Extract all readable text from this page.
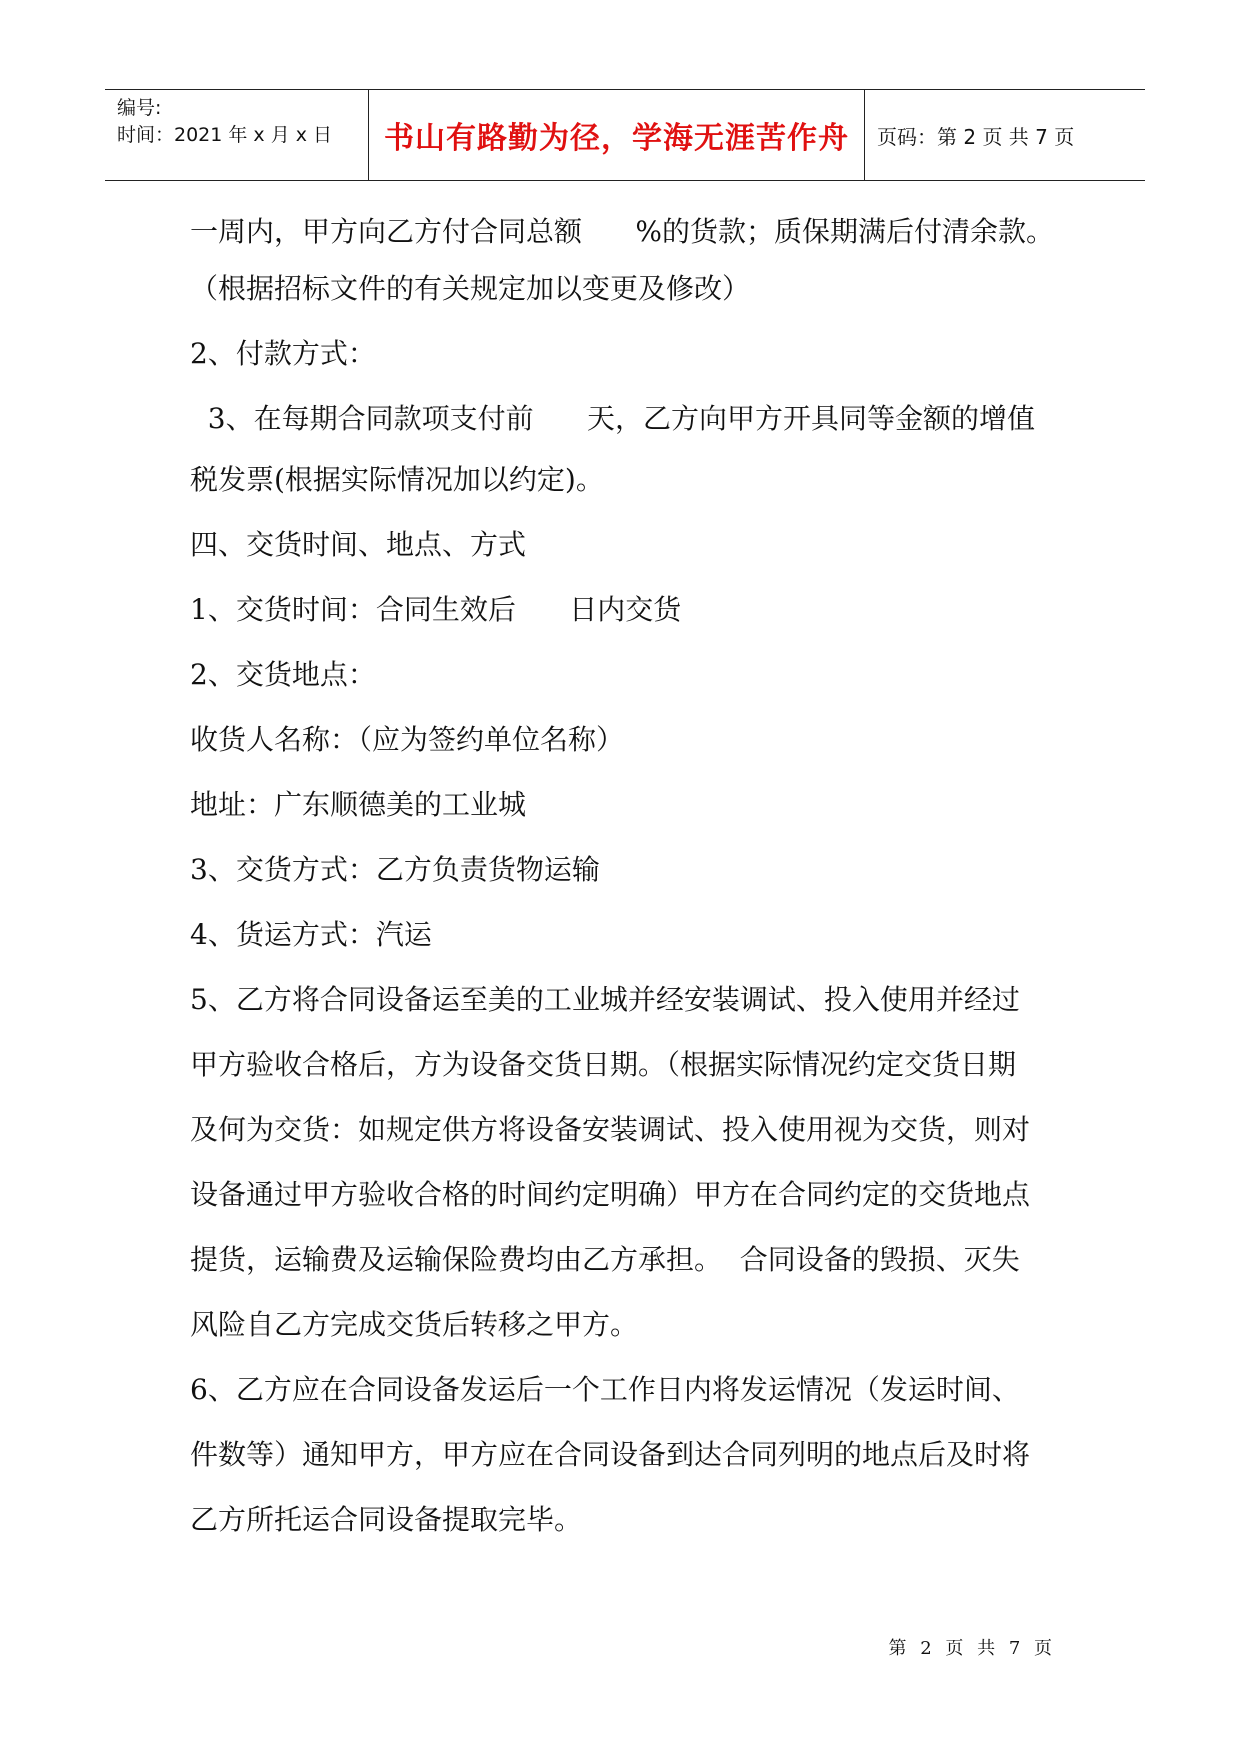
编号:
时间：2021 年 x 月 x 日 书山有路勤为径，学海无涯苦作舟 页码：第 2 页 共 7 页
一周内，甲方向乙方付合同总额      %的货款；质保期满后付清余款。
（根据招标文件的有关规定加以变更及修改）
2、付款方式：
3、在每期合同款项支付前      天，乙方向甲方开具同等金额的增值
税发票(根据实际情况加以约定)。
四、交货时间、地点、方式
1、交货时间：合同生效后      日内交货
2、交货地点：
收货人名称：（应为签约单位名称）
地址：广东顺德美的工业城
3、交货方式：乙方负责货物运输
4、货运方式：汽运
5、乙方将合同设备运至美的工业城并经安装调试、投入使用并经过
甲方验收合格后，方为设备交货日期。（根据实际情况约定交货日期
及何为交货：如规定供方将设备安装调试、投入使用视为交货，则对
设备通过甲方验收合格的时间约定明确）甲方在合同约定的交货地点
提货，运输费及运输保险费均由乙方承担。  合同设备的毁损、灭失
风险自乙方完成交货后转移之甲方。
6、乙方应在合同设备发运后一个工作日内将发运情况（发运时间、
件数等）通知甲方，甲方应在合同设备到达合同列明的地点后及时将
乙方所托运合同设备提取完毕。
第 2 页 共 7 页
